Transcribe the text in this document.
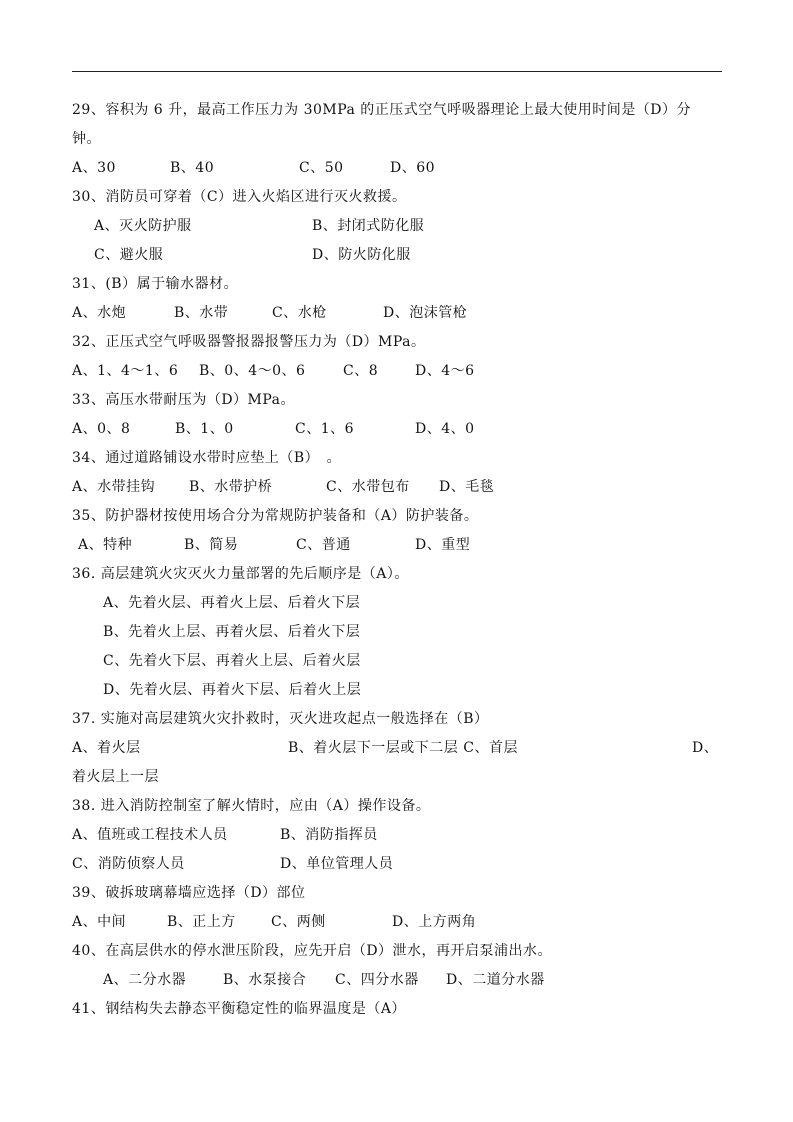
29、容积为 6 升，最高工作压力为 30MPa 的正压式空气呼吸器理论上最大使用时间是（D）分
钟。
A、30	B、40	C、50	D、60
30、消防员可穿着（C）进入火焰区进行灭火救援。
A、灭火防护服	B、封闭式防化服
C、避火服	D、防火防化服
31、(B）属于输水器材。
A、水炮	B、水带	C、水枪	D、泡沫管枪
32、正压式空气呼吸器警报器报警压力为（D）MPa。
A、1、4～1、6 B、0、4～0、6	C、8	D、4～6
33、高压水带耐压为（D）MPa。
A、0、8	B、1、0	C、1、6	D、4、0
34、通过道路铺设水带时应垫上（B）　。
A、水带挂钩 B、水带护桥	C、水带包布 D、毛毯
35、防护器材按使用场合分为常规防护装备和（A）防护装备。
A、特种	B、简易	C、普通	D、重型
36. 高层建筑火灾灭火力量部署的先后顺序是（A）。
A、先着火层、再着火上层、后着火下层
B、先着火上层、再着火层、后着火下层
C、先着火下层、再着火上层、后着火层
D、先着火层、再着火下层、后着火上层
37. 实施对高层建筑火灾扑救时，灭火进攻起点一般选择在（B）
A、着火层	B、着火层下一层或下二层 C、首层	D、
着火层上一层
38. 进入消防控制室了解火情时，应由（A）操作设备。
A、值班或工程技术人员	B、消防指挥员
C、消防侦察人员	D、单位管理人员
39、破拆玻璃幕墙应选择（D）部位
A、中间	B、正上方	C、两侧	D、上方两角
40、在高层供水的停水泄压阶段，应先开启（D）泄水，再开启泵浦出水。
A、二分水器	B、水泵接合 C、四分水器 D、二道分水器
41、钢结构失去静态平衡稳定性的临界温度是（A）
